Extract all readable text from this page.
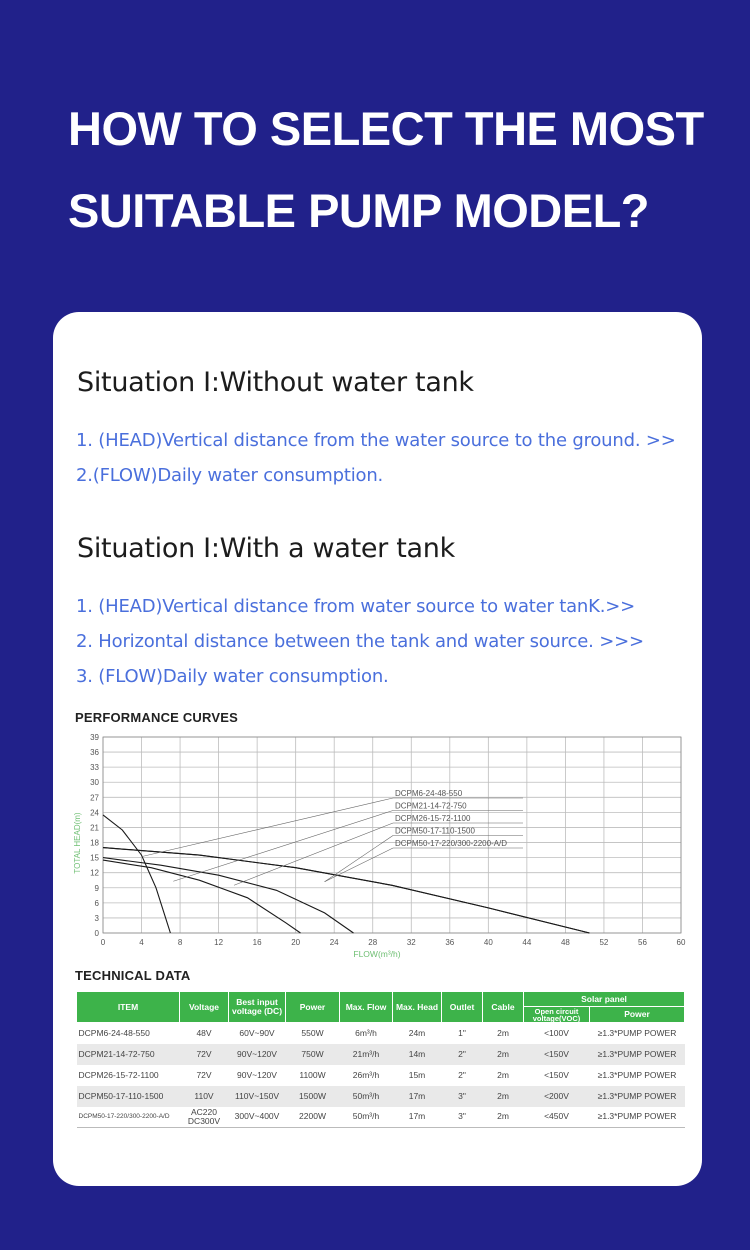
HOW TO SELECT THE MOST
SUITABLE PUMP MODEL?
Situation I:Without water tank
1. (HEAD)Vertical distance from the water source to the ground. >>
2.(FLOW)Daily water consumption.
Situation I:With a water tank
1. (HEAD)Vertical distance from water source to water tanK.>>
2. Horizontal distance between the tank and water source. >>>
3. (FLOW)Daily water consumption.
PERFORMANCE CURVES
0	4	8	12	16	20	24	28	32	36	40	44	48	52	56	60
0
3
6
9
12
15
18
21
24
27
30
33
36
39
DCPM6-24-48-550
DCPM21-14-72-750
DCPM26-15-72-1100
DCPM50-17-110-1500
DCPM50-17-220/300-2200-A/D
FLOW(m³/h)
TOTAL HEAD(m)
TECHNICAL DATA
ITEM	Voltage	Best input voltage (DC)	Power	Max. Flow	Max. Head	Outlet	Cable	Solar panel	
								Open circuit voltage(VOC)	Power
DCPM6-24-48-550	48V	60V~90V	550W	6m³/h	24m	1"	2m	<100V	≥1.3*PUMP POWER
DCPM21-14-72-750	72V	90V~120V	750W	21m³/h	14m	2"	2m	<150V	≥1.3*PUMP POWER
DCPM26-15-72-1100	72V	90V~120V	1100W	26m³/h	15m	2"	2m	<150V	≥1.3*PUMP POWER
DCPM50-17-110-1500	110V	110V~150V	1500W	50m³/h	17m	3"	2m	<200V	≥1.3*PUMP POWER
DCPM50-17-220/300-2200-A/D	AC220 DC300V	300V~400V	2200W	50m³/h	17m	3"	2m	<450V	≥1.3*PUMP POWER
